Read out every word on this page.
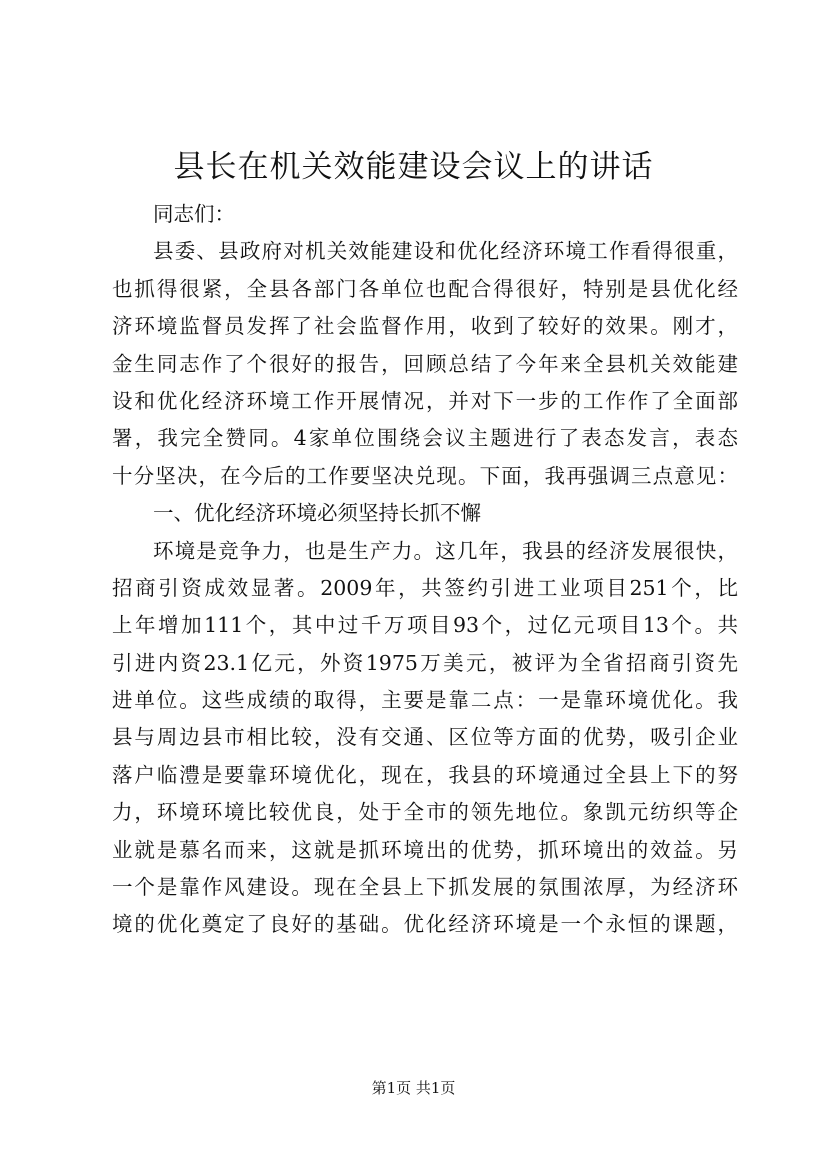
县长在机关效能建设会议上的讲话
同志们：
县委、县政府对机关效能建设和优化经济环境工作看得很重，
也抓得很紧，全县各部门各单位也配合得很好，特别是县优化经
济环境监督员发挥了社会监督作用，收到了较好的效果。刚才，
金生同志作了个很好的报告，回顾总结了今年来全县机关效能建
设和优化经济环境工作开展情况，并对下一步的工作作了全面部
署，我完全赞同。4家单位围绕会议主题进行了表态发言，表态
十分坚决，在今后的工作要坚决兑现。下面，我再强调三点意见：
一、优化经济环境必须坚持长抓不懈
环境是竞争力，也是生产力。这几年，我县的经济发展很快，
招商引资成效显著。2009年，共签约引进工业项目251个，比
上年增加111个，其中过千万项目93个，过亿元项目13个。共
引进内资23.1亿元，外资1975万美元，被评为全省招商引资先
进单位。这些成绩的取得，主要是靠二点：一是靠环境优化。我
县与周边县市相比较，没有交通、区位等方面的优势，吸引企业
落户临澧是要靠环境优化，现在，我县的环境通过全县上下的努
力，环境环境比较优良，处于全市的领先地位。象凯元纺织等企
业就是慕名而来，这就是抓环境出的优势，抓环境出的效益。另
一个是靠作风建设。现在全县上下抓发展的氛围浓厚，为经济环
境的优化奠定了良好的基础。优化经济环境是一个永恒的课题，
第1页 共1页
